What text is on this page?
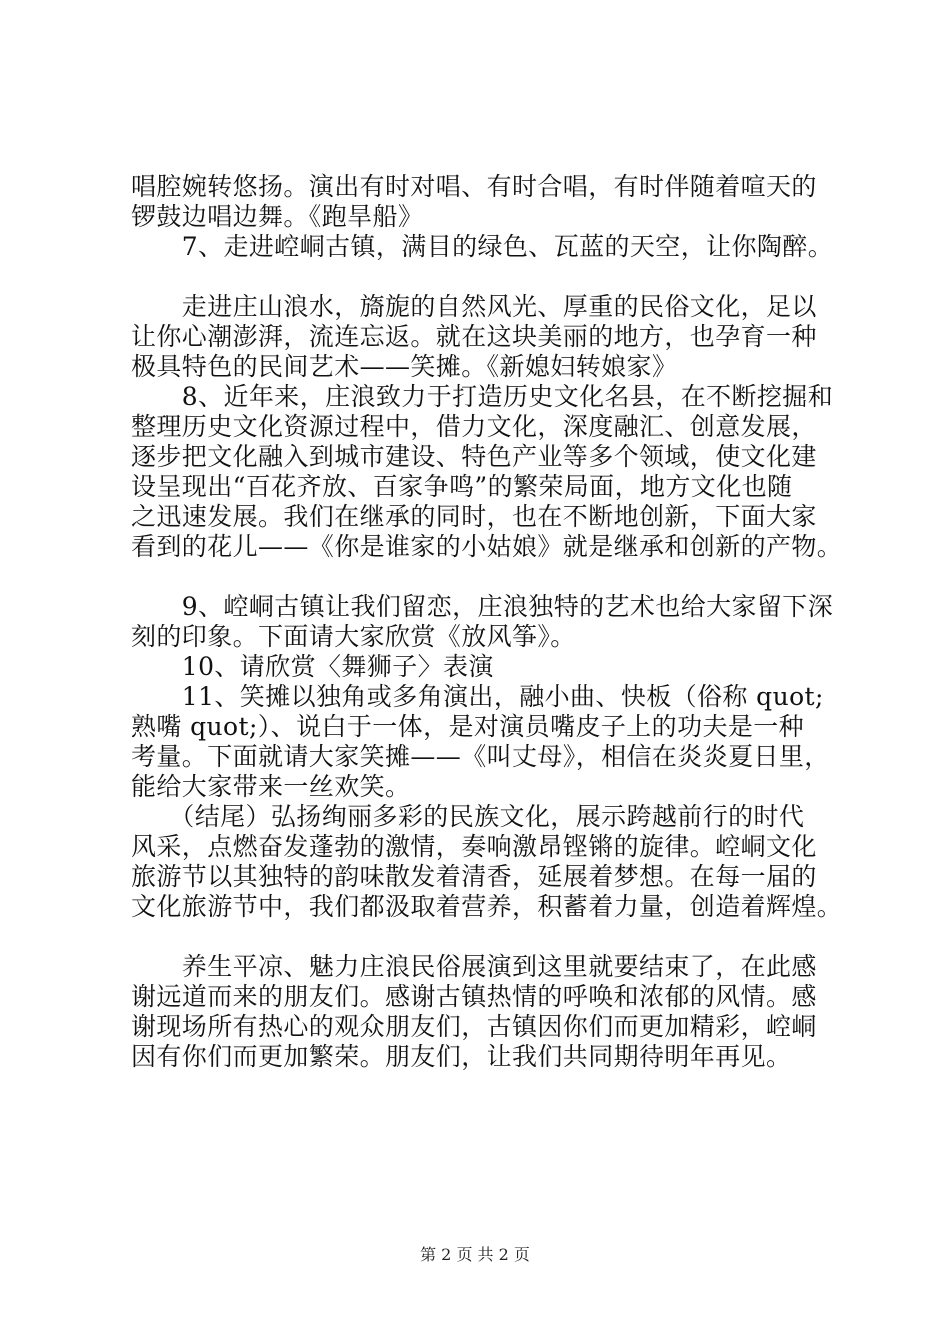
唱腔婉转悠扬。演出有时对唱、有时合唱，有时伴随着喧天的
锣鼓边唱边舞。《跑旱船》
　　7、走进崆峒古镇，满目的绿色、瓦蓝的天空，让你陶醉。
　　走进庄山浪水，旖旎的自然风光、厚重的民俗文化，足以
让你心潮澎湃，流连忘返。就在这块美丽的地方，也孕育一种
极具特色的民间艺术——笑摊。《新媳妇转娘家》
　　8、近年来，庄浪致力于打造历史文化名县，在不断挖掘和
整理历史文化资源过程中，借力文化，深度融汇、创意发展，
逐步把文化融入到城市建设、特色产业等多个领域，使文化建
设呈现出“百花齐放、百家争鸣”的繁荣局面，地方文化也随
之迅速发展。我们在继承的同时，也在不断地创新，下面大家
看到的花儿——《你是谁家的小姑娘》就是继承和创新的产物。
　　9、崆峒古镇让我们留恋，庄浪独特的艺术也给大家留下深
刻的印象。下面请大家欣赏《放风筝》。
　　10、请欣赏〈舞狮子〉表演
　　11、笑摊以独角或多角演出，融小曲、快板（俗称 quot;
熟嘴 quot;）、说白于一体，是对演员嘴皮子上的功夫是一种
考量。下面就请大家笑摊——《叫丈母》，相信在炎炎夏日里，
能给大家带来一丝欢笑。
　　（结尾）弘扬绚丽多彩的民族文化，展示跨越前行的时代
风采，点燃奋发蓬勃的激情，奏响激昂铿锵的旋律。崆峒文化
旅游节以其独特的韵味散发着清香，延展着梦想。在每一届的
文化旅游节中，我们都汲取着营养，积蓄着力量，创造着辉煌。
　　养生平凉、魅力庄浪民俗展演到这里就要结束了，在此感
谢远道而来的朋友们。感谢古镇热情的呼唤和浓郁的风情。感
谢现场所有热心的观众朋友们，古镇因你们而更加精彩，崆峒
因有你们而更加繁荣。朋友们，让我们共同期待明年再见。
第 2 页 共 2 页
